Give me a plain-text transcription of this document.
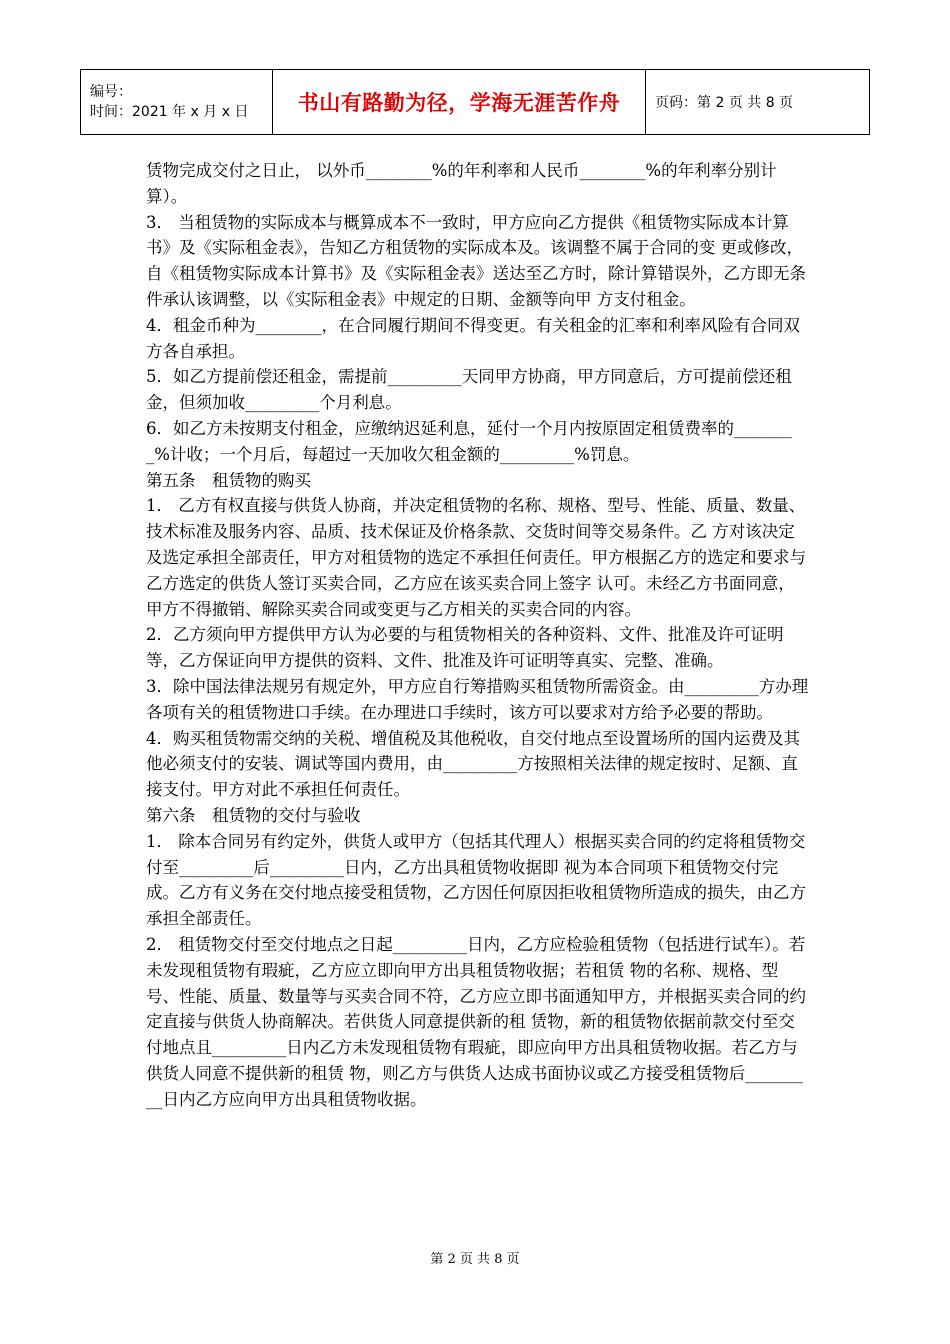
编号：
时间：2021 年 x 月 x 日	书山有路勤为径，学海无涯苦作舟	页码：第 2 页 共 8 页

赁物完成交付之日止， 以外币________%的年利率和人民币________%的年利率分别计算）。

3． 当租赁物的实际成本与概算成本不一致时，甲方应向乙方提供《租赁物实际成本计算书》及《实际租金表》，告知乙方租赁物的实际成本及。该调整不属于合同的变 更或修改，自《租赁物实际成本计算书》及《实际租金表》送达至乙方时，除计算错误外，乙方即无条件承认该调整，以《实际租金表》中规定的日期、金额等向甲 方支付租金。

4．租金币种为________，在合同履行期间不得变更。有关租金的汇率和利率风险有合同双方各自承担。

5．如乙方提前偿还租金，需提前_________天同甲方协商，甲方同意后，方可提前偿还租金，但须加收_________个月利息。

6．如乙方未按期支付租金，应缴纳迟延利息，延付一个月内按原固定租赁费率的________%计收；一个月后，每超过一天加收欠租金额的_________%罚息。

第五条　租赁物的购买

1． 乙方有权直接与供货人协商，并决定租赁物的名称、规格、型号、性能、质量、数量、技术标准及服务内容、品质、技术保证及价格条款、交货时间等交易条件。乙 方对该决定及选定承担全部责任，甲方对租赁物的选定不承担任何责任。甲方根据乙方的选定和要求与乙方选定的供货人签订买卖合同，乙方应在该买卖合同上签字 认可。未经乙方书面同意，甲方不得撤销、解除买卖合同或变更与乙方相关的买卖合同的内容。

2．乙方须向甲方提供甲方认为必要的与租赁物相关的各种资料、文件、批准及许可证明等，乙方保证向甲方提供的资料、文件、批准及许可证明等真实、完整、准确。

3．除中国法律法规另有规定外，甲方应自行筹措购买租赁物所需资金。由_________方办理各项有关的租赁物进口手续。在办理进口手续时，该方可以要求对方给予必要的帮助。

4．购买租赁物需交纳的关税、增值税及其他税收，自交付地点至设置场所的国内运费及其他必须支付的安装、调试等国内费用，由_________方按照相关法律的规定按时、足额、直接支付。甲方对此不承担任何责任。

第六条　租赁物的交付与验收

1． 除本合同另有约定外，供货人或甲方（包括其代理人）根据买卖合同的约定将租赁物交付至_________后_________日内，乙方出具租赁物收据即 视为本合同项下租赁物交付完成。乙方有义务在交付地点接受租赁物，乙方因任何原因拒收租赁物所造成的损失，由乙方承担全部责任。

2． 租赁物交付至交付地点之日起_________日内，乙方应检验租赁物（包括进行试车）。若未发现租赁物有瑕疵，乙方应立即向甲方出具租赁物收据；若租赁 物的名称、规格、型号、性能、质量、数量等与买卖合同不符，乙方应立即书面通知甲方，并根据买卖合同的约定直接与供货人协商解决。若供货人同意提供新的租 赁物，新的租赁物依据前款交付至交付地点且_________日内乙方未发现租赁物有瑕疵，即应向甲方出具租赁物收据。若乙方与供货人同意不提供新的租赁 物，则乙方与供货人达成书面协议或乙方接受租赁物后_________日内乙方应向甲方出具租赁物收据。

第 2 页 共 8 页
